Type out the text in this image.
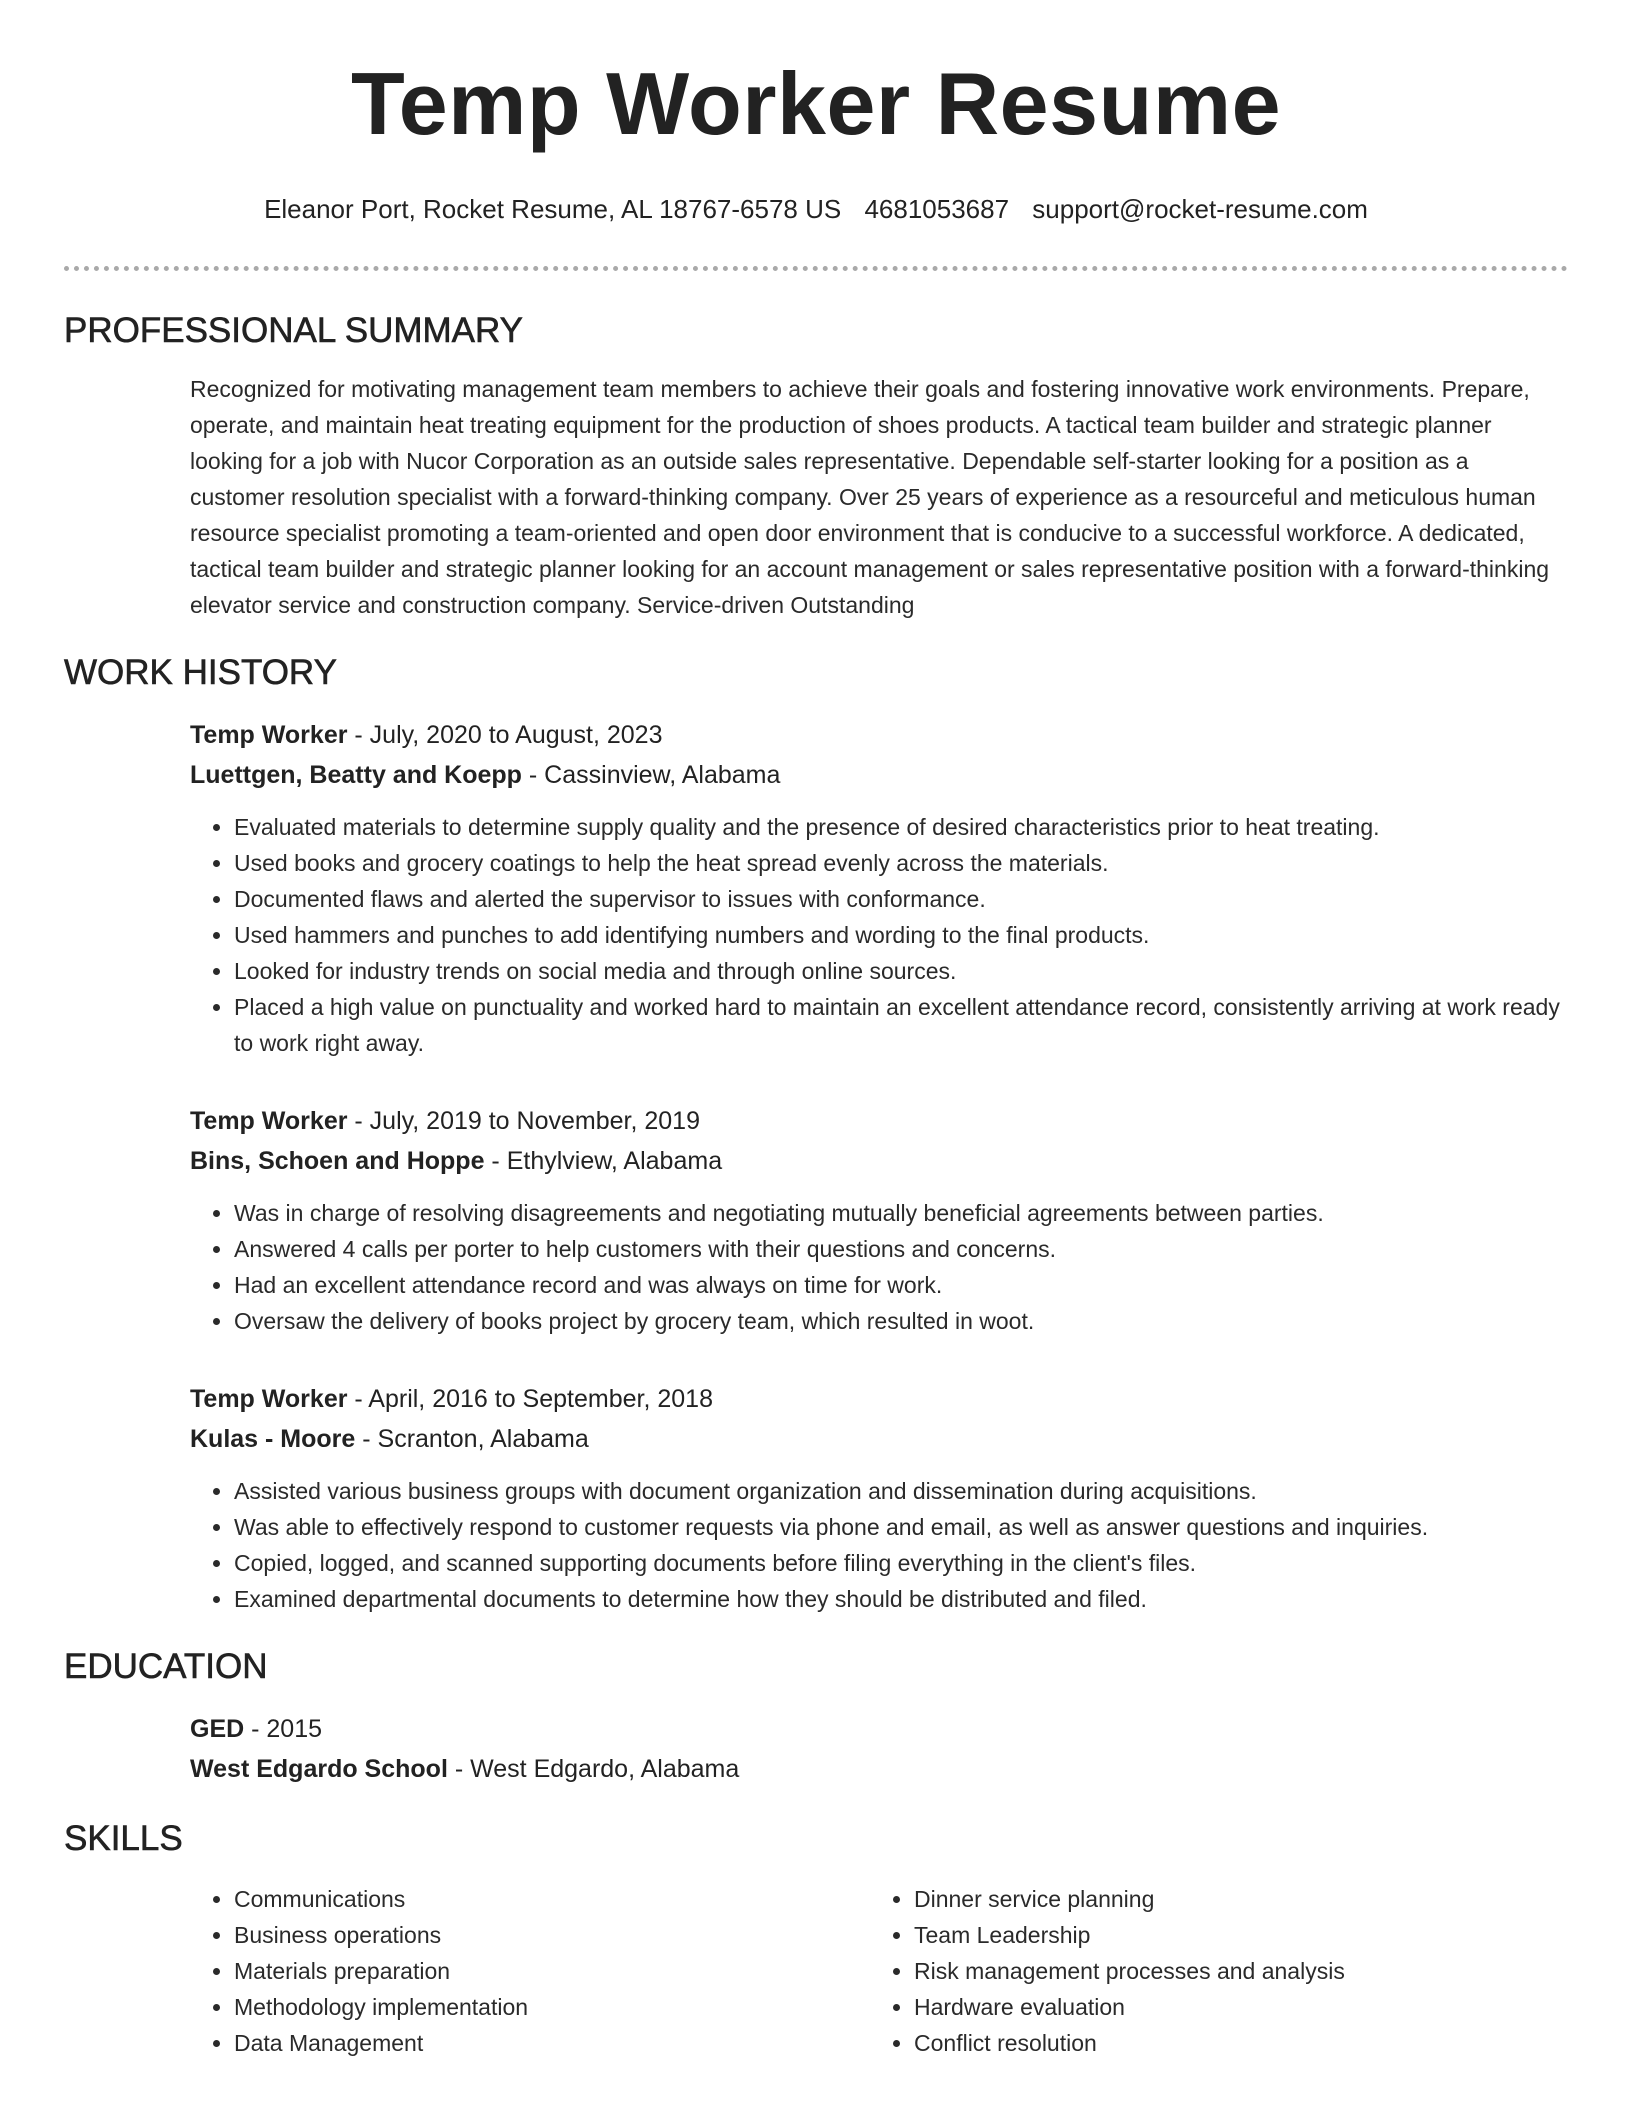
Temp Worker Resume
Eleanor Port, Rocket Resume, AL 18767-6578 US 4681053687 support@rocket-resume.com
PROFESSIONAL SUMMARY

Recognized for motivating management team members to achieve their goals and fostering innovative work environments. Prepare, operate, and maintain heat treating equipment for the production of shoes products. A tactical team builder and strategic planner looking for a job with Nucor Corporation as an outside sales representative. Dependable self-starter looking for a position as a customer resolution specialist with a forward-thinking company. Over 25 years of experience as a resourceful and meticulous human resource specialist promoting a team-oriented and open door environment that is conducive to a successful workforce. A dedicated, tactical team builder and strategic planner looking for an account management or sales representative position with a forward-thinking elevator service and construction company. Service-driven Outstanding

WORK HISTORY
Temp Worker - July, 2020 to August, 2023
Luettgen, Beatty and Koepp - Cassinview, Alabama
• Evaluated materials to determine supply quality and the presence of desired characteristics prior to heat treating.
• Used books and grocery coatings to help the heat spread evenly across the materials.
• Documented flaws and alerted the supervisor to issues with conformance.
• Used hammers and punches to add identifying numbers and wording to the final products.
• Looked for industry trends on social media and through online sources.
• Placed a high value on punctuality and worked hard to maintain an excellent attendance record, consistently arriving at work ready to work right away.
Temp Worker - July, 2019 to November, 2019
Bins, Schoen and Hoppe - Ethylview, Alabama
• Was in charge of resolving disagreements and negotiating mutually beneficial agreements between parties.
• Answered 4 calls per porter to help customers with their questions and concerns.
• Had an excellent attendance record and was always on time for work.
• Oversaw the delivery of books project by grocery team, which resulted in woot.
Temp Worker - April, 2016 to September, 2018
Kulas - Moore - Scranton, Alabama
• Assisted various business groups with document organization and dissemination during acquisitions.
• Was able to effectively respond to customer requests via phone and email, as well as answer questions and inquiries.
• Copied, logged, and scanned supporting documents before filing everything in the client's files.
• Examined departmental documents to determine how they should be distributed and filed.
EDUCATION
GED - 2015
West Edgardo School - West Edgardo, Alabama
SKILLS
• Communications
• Business operations
• Materials preparation
• Methodology implementation
• Data Management
• Dinner service planning
• Team Leadership
• Risk management processes and analysis
• Hardware evaluation
• Conflict resolution
